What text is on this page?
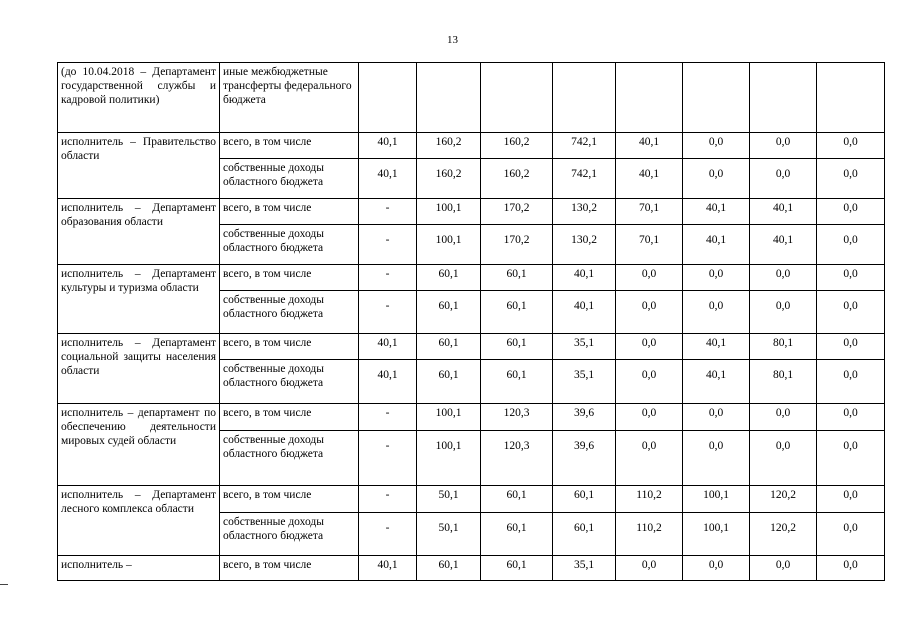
13
(до 10.04.2018 – Департамент государственной службы и кадровой политики)	иные межбюджетные трансферты федерального бюджета								
исполнитель – Правительство области	всего, в том числе	40,1	160,2	160,2	742,1	40,1	0,0	0,0	0,0
	собственные доходы областного бюджета	40,1	160,2	160,2	742,1	40,1	0,0	0,0	0,0
исполнитель – Департамент образования области	всего, в том числе	-	100,1	170,2	130,2	70,1	40,1	40,1	0,0
	собственные доходы областного бюджета	-	100,1	170,2	130,2	70,1	40,1	40,1	0,0
исполнитель – Департамент культуры и туризма области	всего, в том числе	-	60,1	60,1	40,1	0,0	0,0	0,0	0,0
	собственные доходы областного бюджета	-	60,1	60,1	40,1	0,0	0,0	0,0	0,0
исполнитель – Департамент социальной защиты населения области	всего, в том числе	40,1	60,1	60,1	35,1	0,0	40,1	80,1	0,0
	собственные доходы областного бюджета	40,1	60,1	60,1	35,1	0,0	40,1	80,1	0,0
исполнитель – департамент по обеспечению деятельности мировых судей области	всего, в том числе	-	100,1	120,3	39,6	0,0	0,0	0,0	0,0
	собственные доходы областного бюджета	-	100,1	120,3	39,6	0,0	0,0	0,0	0,0
исполнитель – Департамент лесного комплекса области	всего, в том числе	-	50,1	60,1	60,1	110,2	100,1	120,2	0,0
	собственные доходы областного бюджета	-	50,1	60,1	60,1	110,2	100,1	120,2	0,0
исполнитель –	всего, в том числе	40,1	60,1	60,1	35,1	0,0	0,0	0,0	0,0
